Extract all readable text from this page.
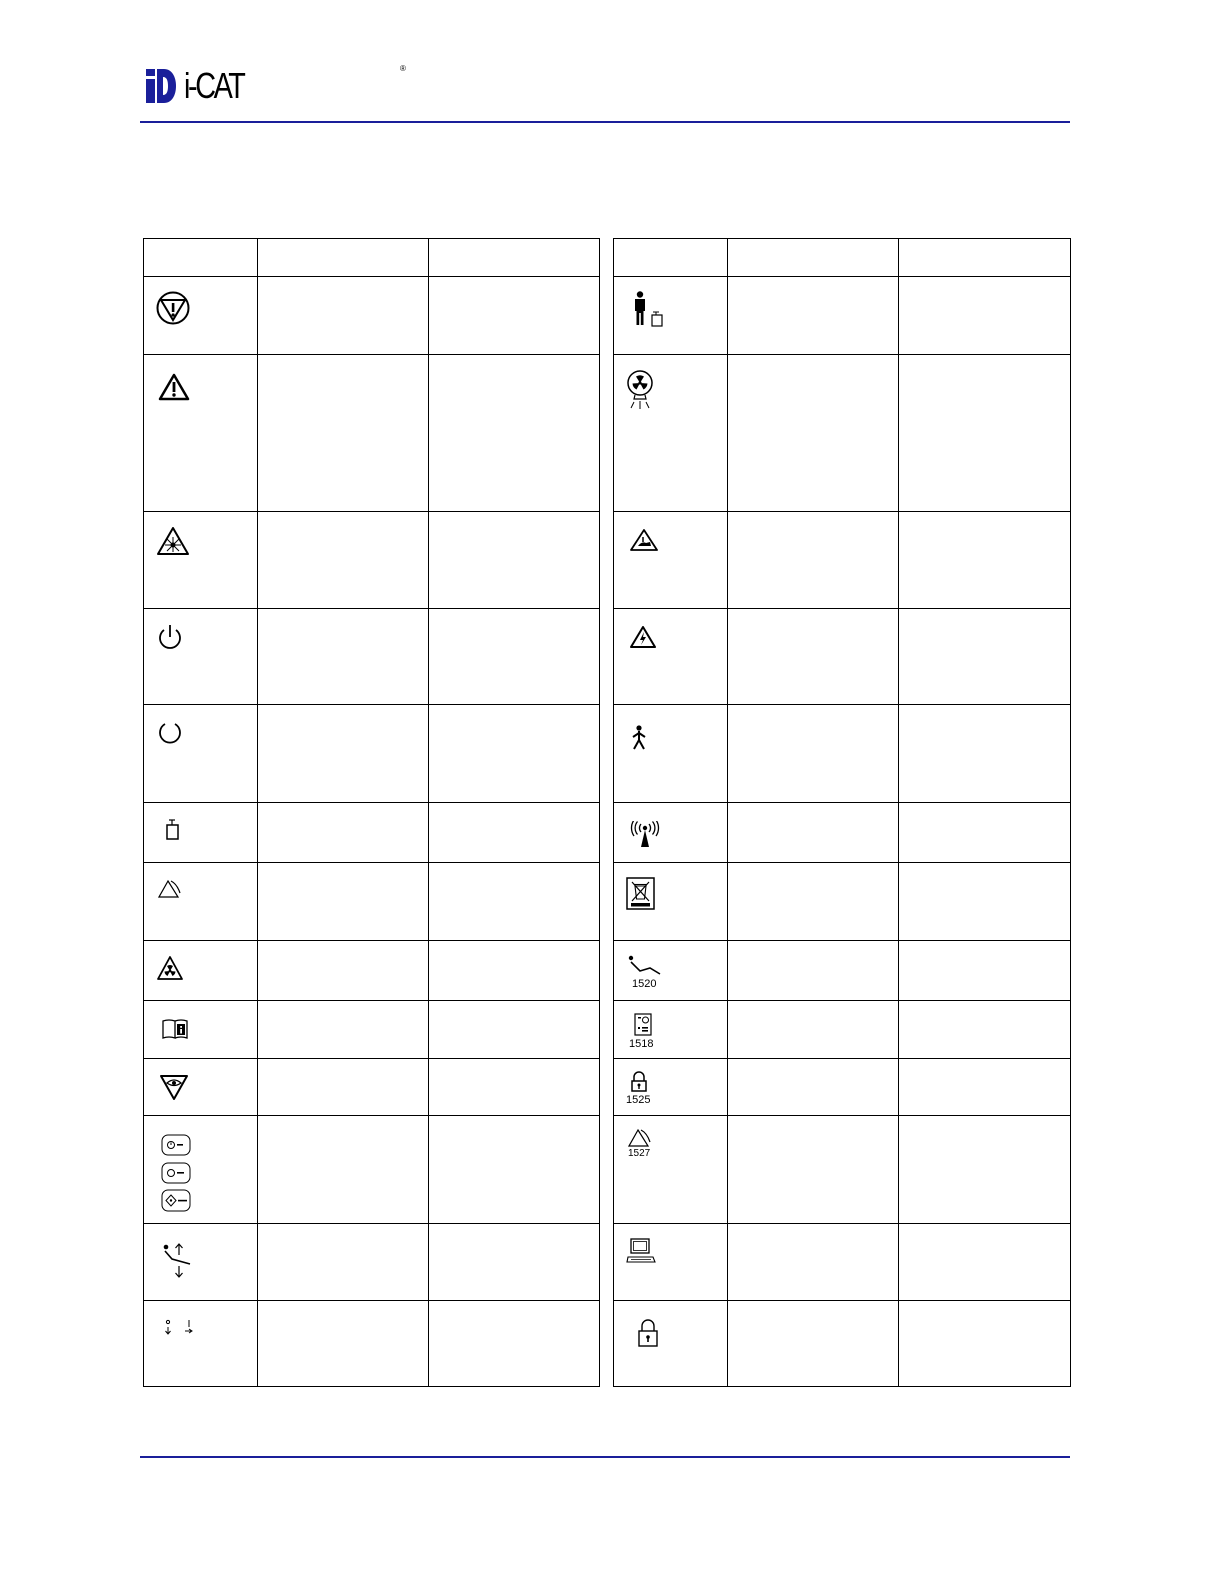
i-CAT	®

1520		

1518		

1525		

1527		
